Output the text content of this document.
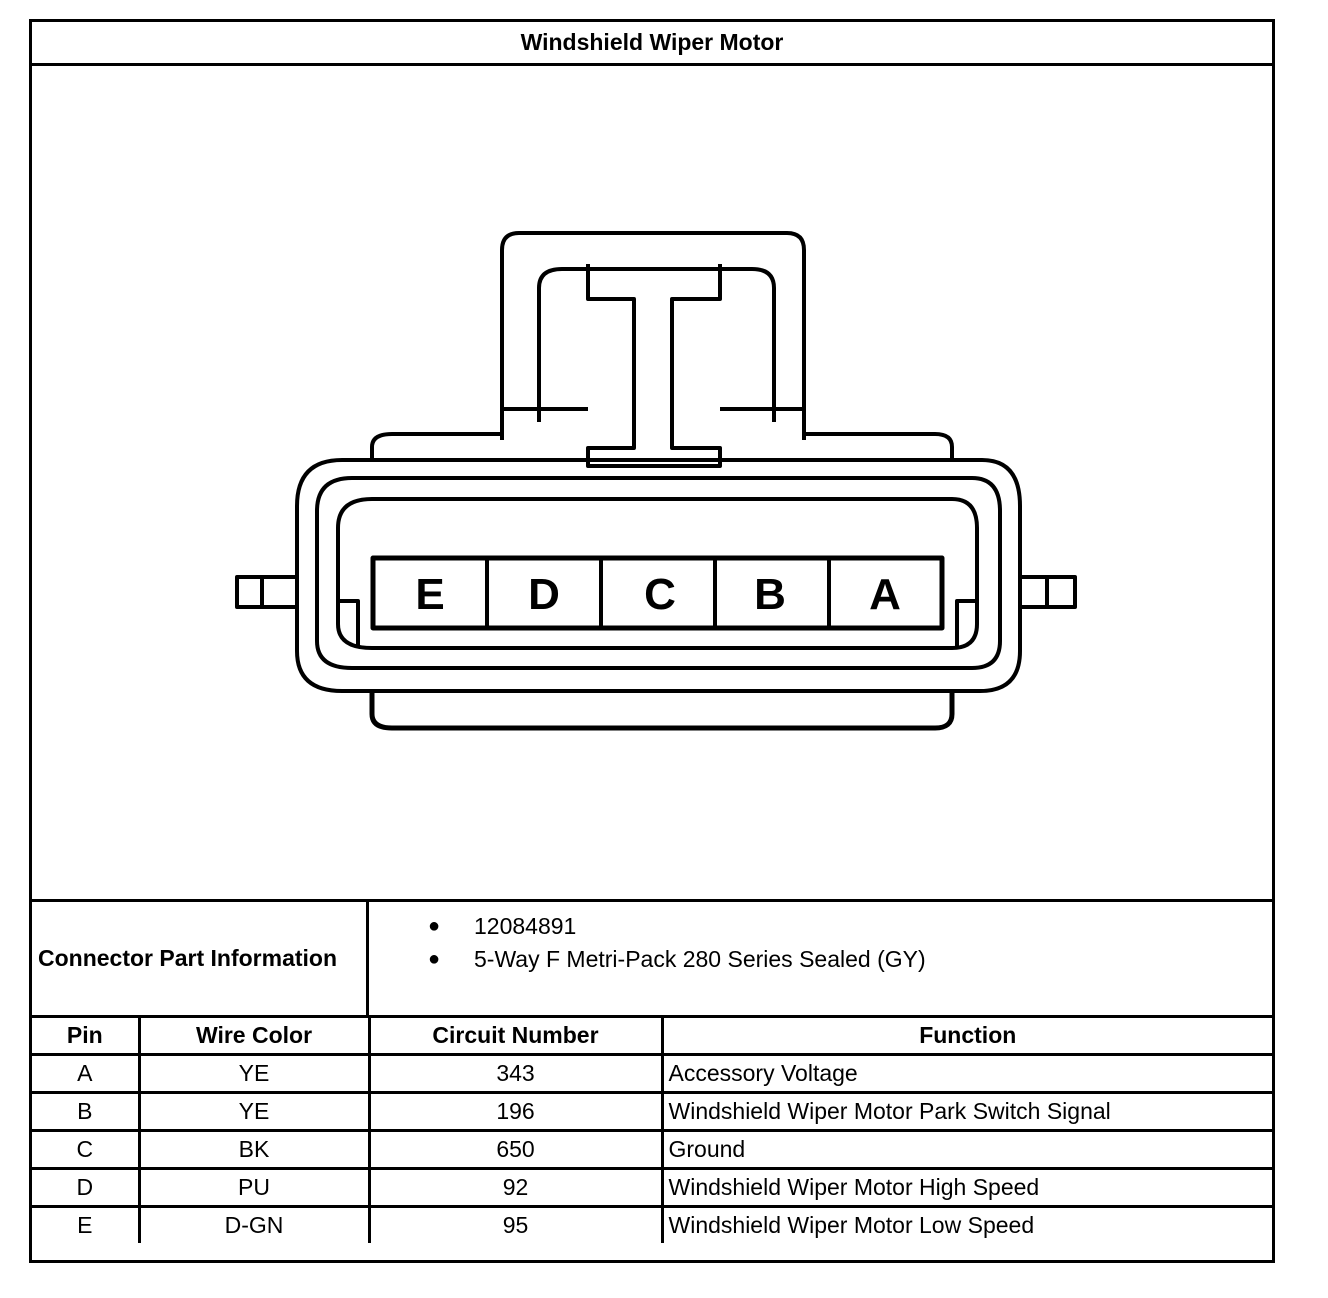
Windshield Wiper Motor
E D C B A
Connector Part Information
● 12084891
● 5-Way F Metri-Pack 280 Series Sealed (GY)
Pin	Wire Color	Circuit Number	Function
A	YE	343	Accessory Voltage
B	YE	196	Windshield Wiper Motor Park Switch Signal
C	BK	650	Ground
D	PU	92	Windshield Wiper Motor High Speed
E	D-GN	95	Windshield Wiper Motor Low Speed
